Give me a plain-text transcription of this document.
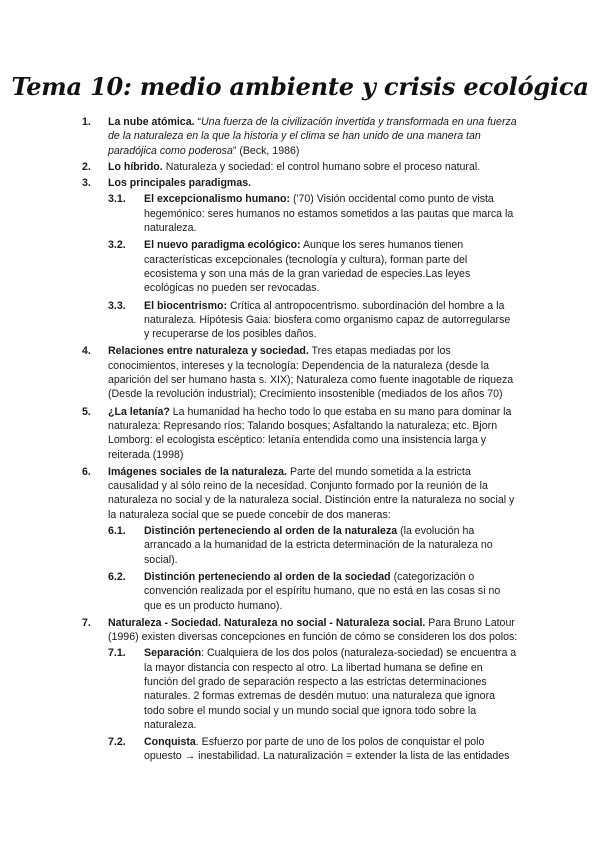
Tema 10: medio ambiente y crisis ecológica
1. La nube atómica. “Una fuerza de la civilización invertida y transformada en una fuerza de la naturaleza en la que la historia y el clima se han unido de una manera tan paradójica como poderosa” (Beck, 1986)
2. Lo híbrido. Naturaleza y sociedad: el control humano sobre el proceso natural.
3. Los principales paradigmas.
3.1. El excepcionalismo humano: ('70) Visión occidental como punto de vista hegemónico: seres humanos no estamos sometidos a las pautas que marca la naturaleza.
3.2. El nuevo paradigma ecológico: Aunque los seres humanos tienen características excepcionales (tecnología y cultura), forman parte del ecosistema y son una más de la gran variedad de especies.Las leyes ecológicas no pueden ser revocadas.
3.3. El biocentrismo: Crítica al antropocentrismo. subordinación del hombre a la naturaleza. Hipótesis Gaia: biosfera como organismo capaz de autorregularse y recuperarse de los posibles daños.
4. Relaciones entre naturaleza y sociedad. Tres etapas mediadas por los conocimientos, intereses y la tecnología: Dependencia de la naturaleza (desde la aparición del ser humano hasta s. XIX); Naturaleza como fuente inagotable de riqueza (Desde la revolución industrial); Crecimiento insostenible (mediados de los años 70)
5. ¿La letanía? La humanidad ha hecho todo lo que estaba en su mano para dominar la naturaleza: Represando ríos; Talando bosques; Asfaltando la naturaleza; etc. Bjorn Lomborg: el ecologista escéptico: letanía entendida como una insistencia larga y reiterada (1998)
6. Imágenes sociales de la naturaleza. Parte del mundo sometida a la estricta causalidad y al sólo reino de la necesidad. Conjunto formado por la reunión de la naturaleza no social y de la naturaleza social. Distinción entre la naturaleza no social y la naturaleza social que se puede concebir de dos maneras:
6.1. Distinción perteneciendo al orden de la naturaleza (la evolución ha arrancado a la humanidad de la estricta determinación de la naturaleza no social).
6.2. Distinción perteneciendo al orden de la sociedad (categorización o convención realizada por el espíritu humano, que no está en las cosas si no que es un producto humano).
7. Naturaleza - Sociedad. Naturaleza no social - Naturaleza social. Para Bruno Latour (1996) existen diversas concepciones en función de cómo se consideren los dos polos:
7.1. Separación: Cualquiera de los dos polos (naturaleza-sociedad) se encuentra a la mayor distancia con respecto al otro. La libertad humana se define en función del grado de separación respecto a las estrictas determinaciones naturales. 2 formas extremas de desdén mutuo: una naturaleza que ignora todo sobre el mundo social y un mundo social que ignora todo sobre la naturaleza.
7.2. Conquista. Esfuerzo por parte de uno de los polos de conquistar el polo opuesto → inestabilidad. La naturalización = extender la lista de las entidades
